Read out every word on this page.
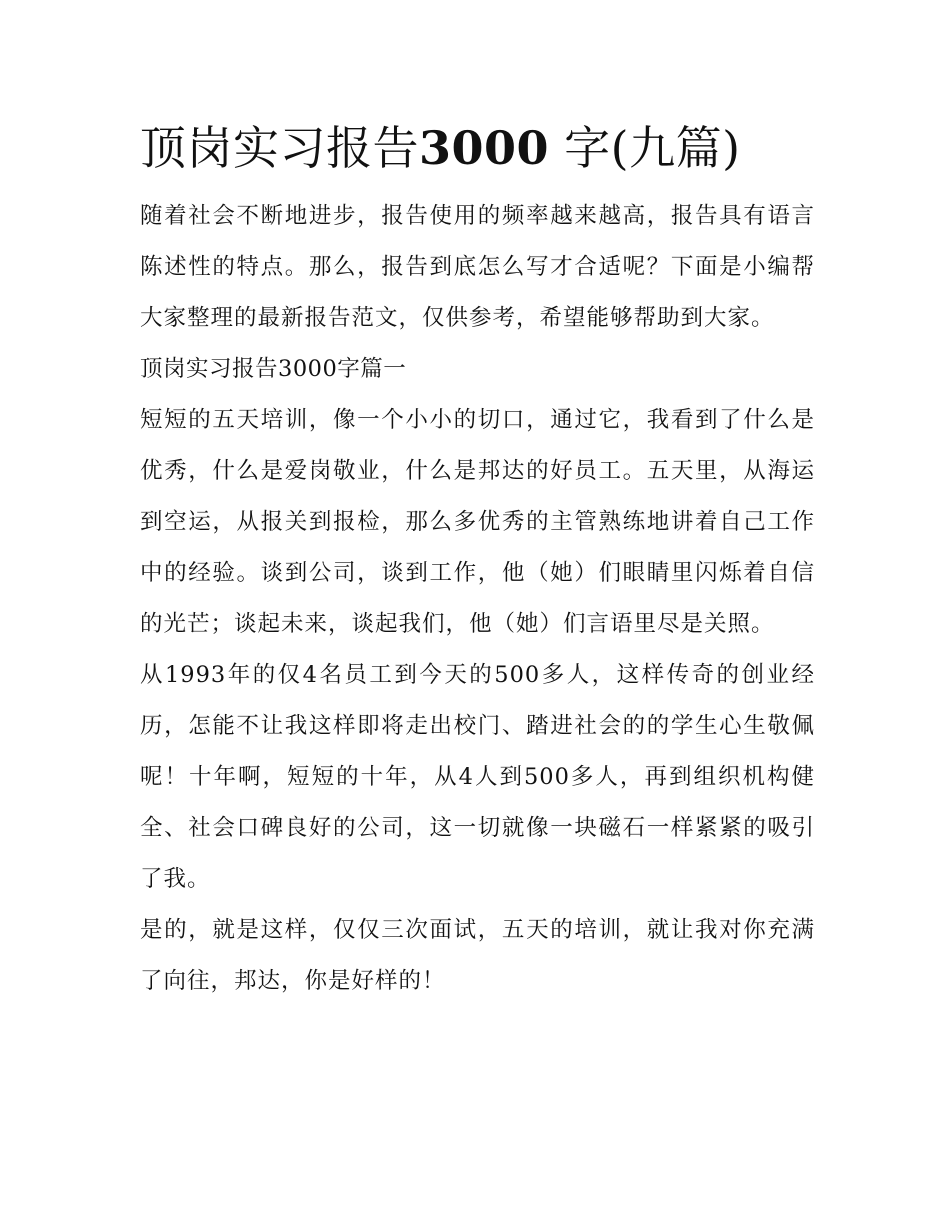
顶岗实习报告3000 字(九篇)

随着社会不断地进步，报告使用的频率越来越高，报告具有语言陈述性的特点。那么，报告到底怎么写才合适呢？下面是小编帮大家整理的最新报告范文，仅供参考，希望能够帮助到大家。

顶岗实习报告3000字篇一

短短的五天培训，像一个小小的切口，通过它，我看到了什么是优秀，什么是爱岗敬业，什么是邦达的好员工。五天里，从海运到空运，从报关到报检，那么多优秀的主管熟练地讲着自己工作中的经验。谈到公司，谈到工作，他（她）们眼睛里闪烁着自信的光芒；谈起未来，谈起我们，他（她）们言语里尽是关照。

从1993年的仅4名员工到今天的500多人，这样传奇的创业经历，怎能不让我这样即将走出校门、踏进社会的的学生心生敬佩呢！十年啊，短短的十年，从4人到500多人，再到组织机构健全、社会口碑良好的公司，这一切就像一块磁石一样紧紧的吸引了我。

是的，就是这样，仅仅三次面试，五天的培训，就让我对你充满了向往，邦达，你是好样的！
